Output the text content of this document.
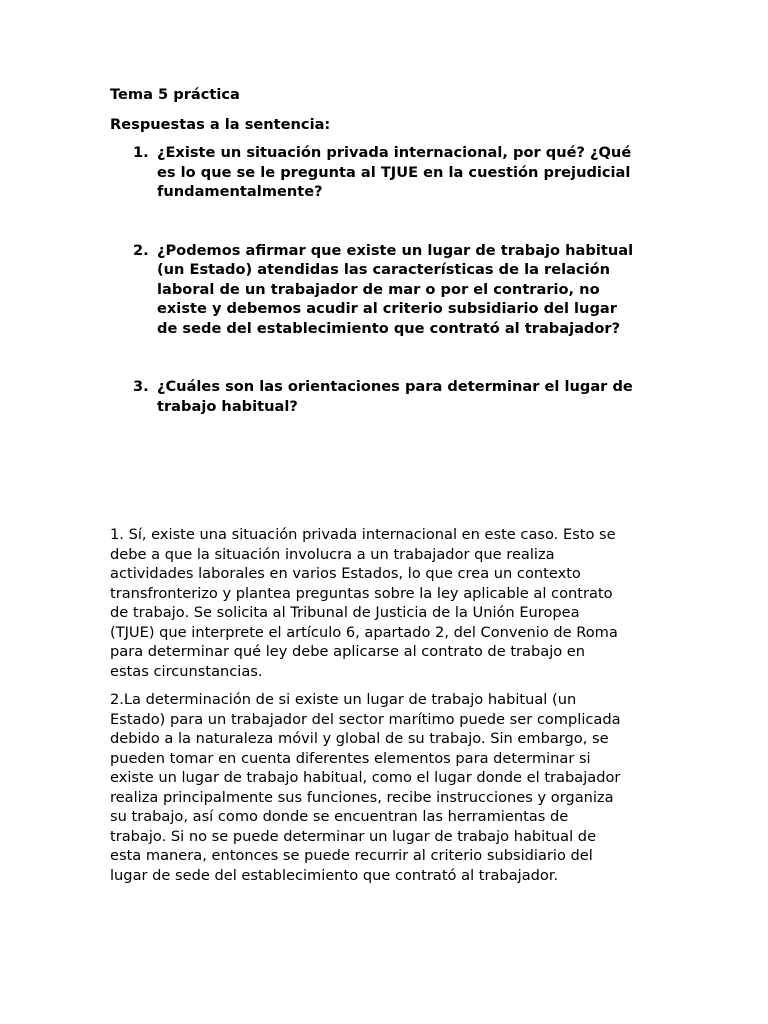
Tema 5 práctica

Respuestas a la sentencia:

1. ¿Existe un situación privada internacional, por qué? ¿Qué es lo que se le pregunta al TJUE en la cuestión prejudicial fundamentalmente?
2. ¿Podemos afirmar que existe un lugar de trabajo habitual (un Estado) atendidas las características de la relación laboral de un trabajador de mar o por el contrario, no existe y debemos acudir al criterio subsidiario del lugar de sede del establecimiento que contrató al trabajador?
3. ¿Cuáles son las orientaciones para determinar el lugar de trabajo habitual?

1. Sí, existe una situación privada internacional en este caso. Esto se debe a que la situación involucra a un trabajador que realiza actividades laborales en varios Estados, lo que crea un contexto transfronterizo y plantea preguntas sobre la ley aplicable al contrato de trabajo. Se solicita al Tribunal de Justicia de la Unión Europea (TJUE) que interprete el artículo 6, apartado 2, del Convenio de Roma para determinar qué ley debe aplicarse al contrato de trabajo en estas circunstancias.

2.La determinación de si existe un lugar de trabajo habitual (un Estado) para un trabajador del sector marítimo puede ser complicada debido a la naturaleza móvil y global de su trabajo. Sin embargo, se pueden tomar en cuenta diferentes elementos para determinar si existe un lugar de trabajo habitual, como el lugar donde el trabajador realiza principalmente sus funciones, recibe instrucciones y organiza su trabajo, así como donde se encuentran las herramientas de trabajo. Si no se puede determinar un lugar de trabajo habitual de esta manera, entonces se puede recurrir al criterio subsidiario del lugar de sede del establecimiento que contrató al trabajador.
